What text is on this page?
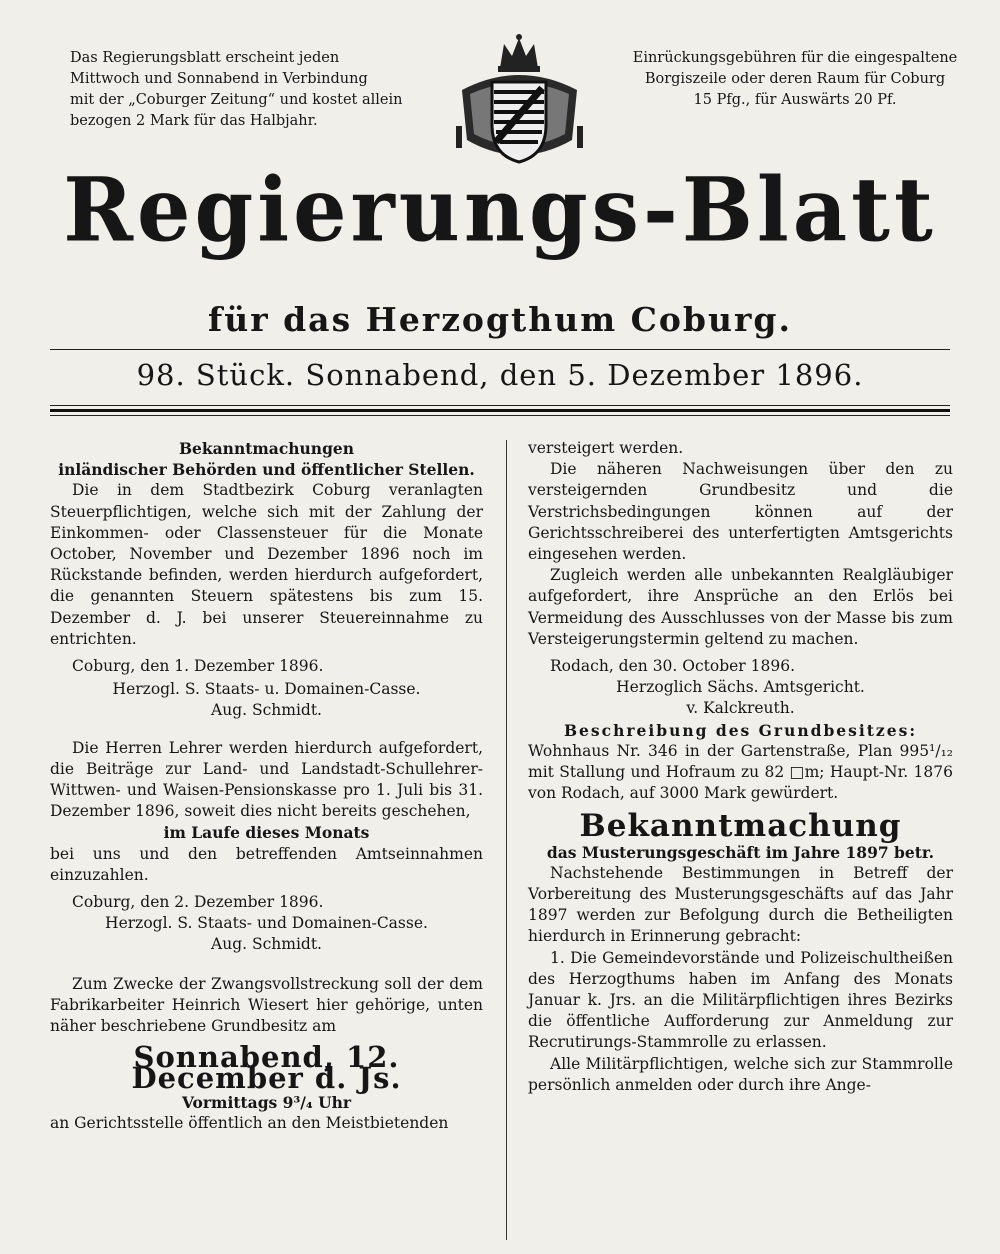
Das Regierungsblatt erscheint jeden
Mittwoch und Sonnabend in Verbindung
mit der „Coburger Zeitung“ und kostet allein
bezogen 2 Mark für das Halbjahr.
Einrückungsgebühren für die eingespaltene
Borgiszeile oder deren Raum für Coburg
15 Pfg., für Auswärts 20 Pf.
Regierungs-Blatt
für das Herzogthum Coburg.
98. Stück. Sonnabend, den 5. Dezember 1896.

Bekanntmachungen

inländischer Behörden und öffentlicher Stellen.

Die in dem Stadtbezirk Coburg veranlagten Steuerpflichtigen, welche sich mit der Zahlung der Einkommen- oder Classensteuer für die Monate October, November und Dezember 1896 noch im Rückstande befinden, werden hierdurch aufgefordert, die genannten Steuern spätestens bis zum 15. Dezember d. J. bei unserer Steuereinnahme zu entrichten.

Coburg, den 1. Dezember 1896.

Herzogl. S. Staats- u. Domainen-Casse.

Aug. Schmidt.

Die Herren Lehrer werden hierdurch aufgefordert, die Beiträge zur Land- und Landstadt-Schullehrer-Wittwen- und Waisen-Pensionskasse pro 1. Juli bis 31. Dezember 1896, soweit dies nicht bereits geschehen,

im Laufe dieses Monats

bei uns und den betreffenden Amtseinnahmen einzuzahlen.

Coburg, den 2. Dezember 1896.

Herzogl. S. Staats- und Domainen-Casse.

Aug. Schmidt.

Zum Zwecke der Zwangsvollstreckung soll der dem Fabrikarbeiter Heinrich Wiesert hier gehörige, unten näher beschriebene Grundbesitz am

Sonnabend, 12. December d. Js.

Vormittags 9³/₄ Uhr

an Gerichtsstelle öffentlich an den Meistbietenden

versteigert werden.

Die näheren Nachweisungen über den zu versteigernden Grundbesitz und die Verstrichsbedingungen können auf der Gerichtsschreiberei des unterfertigten Amtsgerichts eingesehen werden.

Zugleich werden alle unbekannten Realgläubiger aufgefordert, ihre Ansprüche an den Erlös bei Vermeidung des Ausschlusses von der Masse bis zum Versteigerungstermin geltend zu machen.

Rodach, den 30. October 1896.

Herzoglich Sächs. Amtsgericht.

v. Kalckreuth.

Beschreibung des Grundbesitzes:

Wohnhaus Nr. 346 in der Gartenstraße, Plan 995¹/₁₂ mit Stallung und Hofraum zu 82 □m; Haupt-Nr. 1876 von Rodach, auf 3000 Mark gewürdert.

Bekanntmachung

das Musterungsgeschäft im Jahre 1897 betr.

Nachstehende Bestimmungen in Betreff der Vorbereitung des Musterungsgeschäfts auf das Jahr 1897 werden zur Befolgung durch die Betheiligten hierdurch in Erinnerung gebracht:

1. Die Gemeindevorstände und Polizeischultheißen des Herzogthums haben im Anfang des Monats Januar k. Jrs. an die Militärpflichtigen ihres Bezirks die öffentliche Aufforderung zur Anmeldung zur Recrutirungs-Stammrolle zu erlassen.

Alle Militärpflichtigen, welche sich zur Stammrolle persönlich anmelden oder durch ihre Ange-
